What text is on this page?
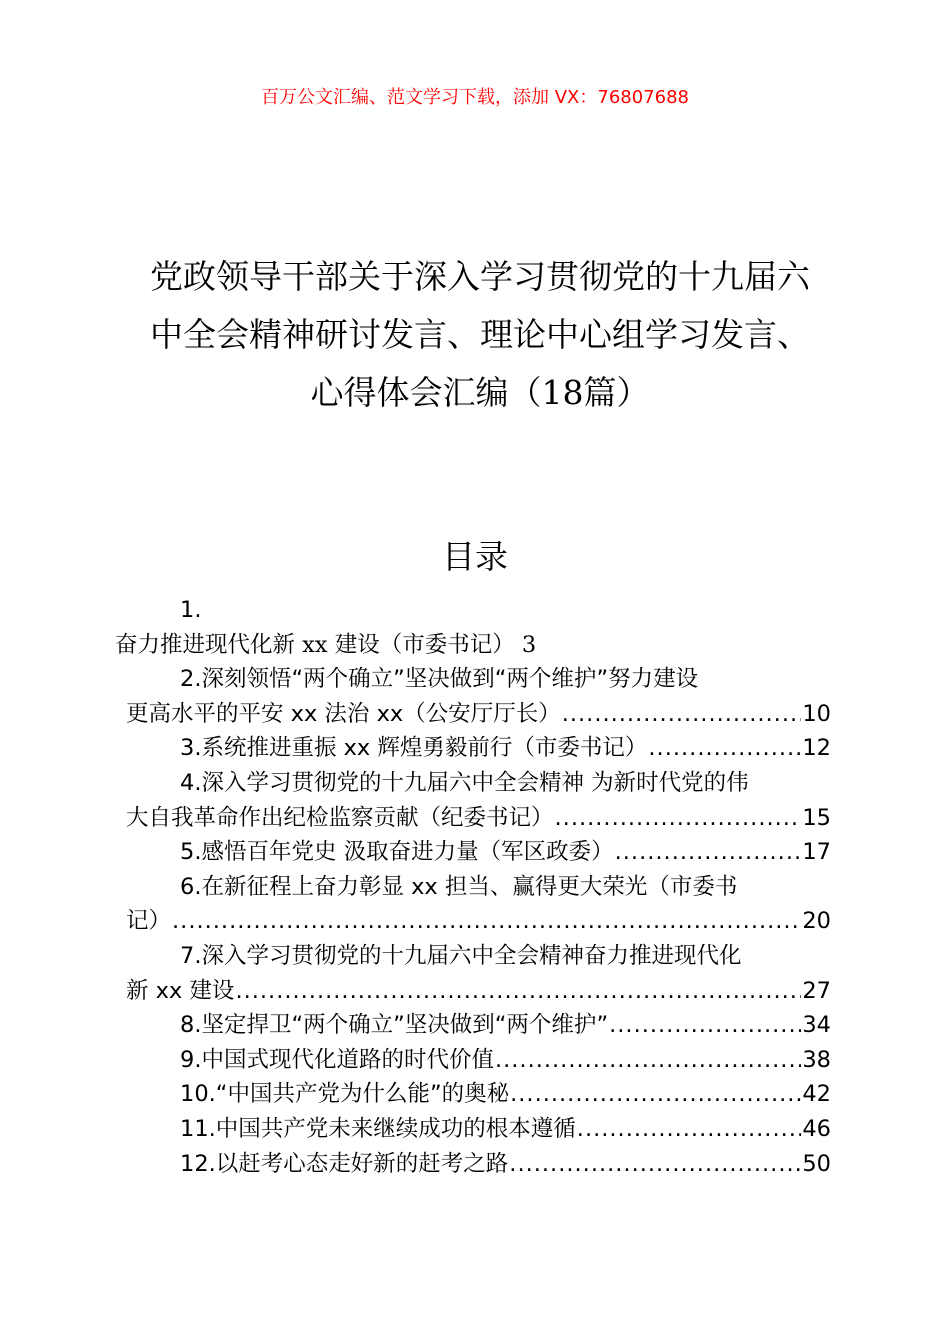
百万公文汇编、范文学习下载，添加 VX：76807688
党政领导干部关于深入学习贯彻党的十九届六
中全会精神研讨发言、理论中心组学习发言、
心得体会汇编（18篇）
目录
1.
奋力推进现代化新 xx 建设（市委书记） 3
2.深刻领悟“两个确立”坚决做到“两个维护”努力建设
更高水平的平安 xx 法治 xx（公安厅厅长） .....	10
3.系统推进重振 xx 辉煌勇毅前行（市委书记） .....	12
4.深入学习贯彻党的十九届六中全会精神 为新时代党的伟
大自我革命作出纪检监察贡献（纪委书记） .....	15
5.感悟百年党史 汲取奋进力量（军区政委） .....	17
6.在新征程上奋力彰显 xx 担当、赢得更大荣光（市委书
记） .....	20
7.深入学习贯彻党的十九届六中全会精神奋力推进现代化
新 xx 建设 .....	27
8.坚定捍卫“两个确立”坚决做到“两个维护” .....	34
9.中国式现代化道路的时代价值 .....	38
10.“中国共产党为什么能”的奥秘 .....	42
11.中国共产党未来继续成功的根本遵循 .....	46
12.以赶考心态走好新的赶考之路 .....	50
